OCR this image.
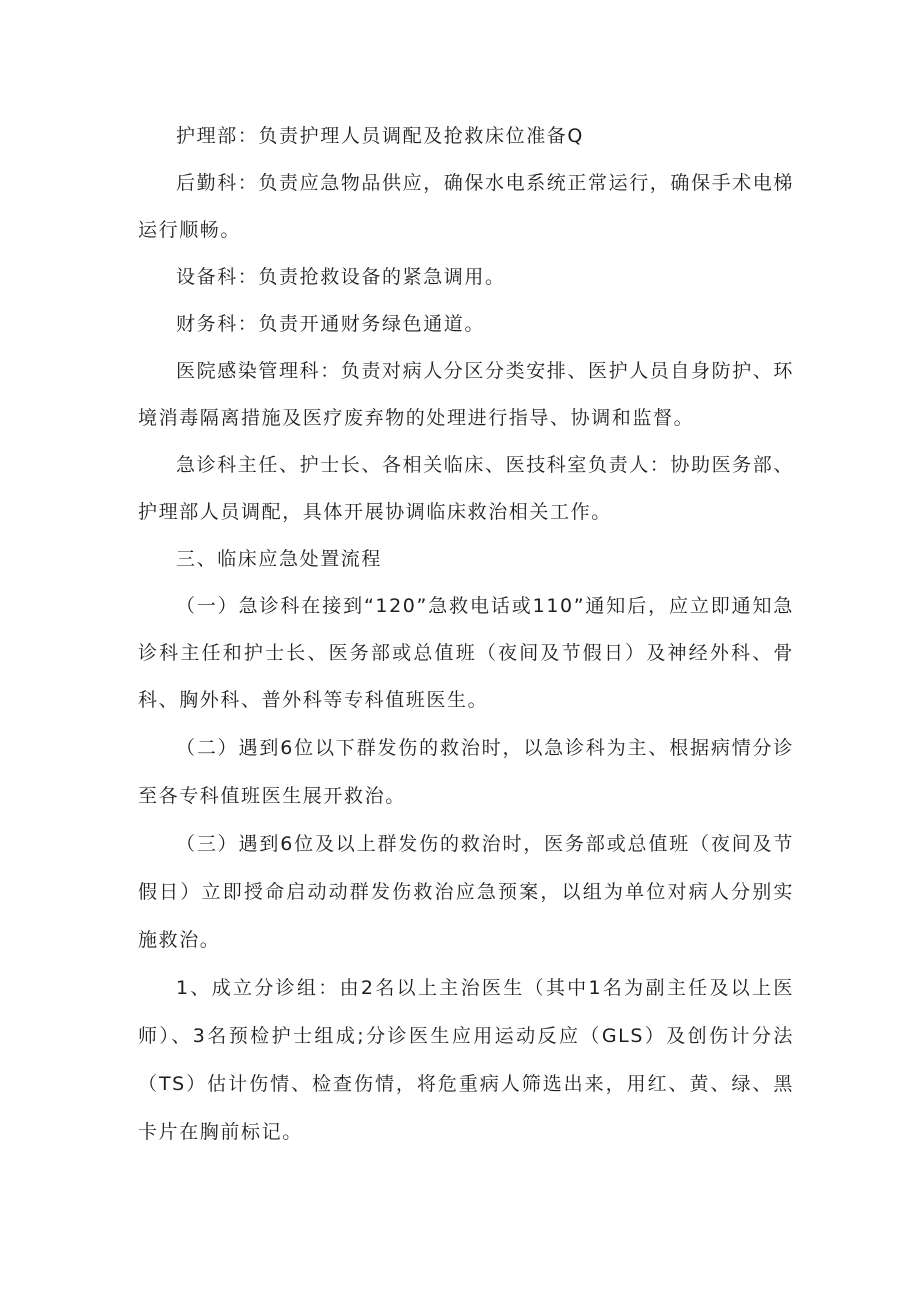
护理部：负责护理人员调配及抢救床位准备Q

后勤科：负责应急物品供应，确保水电系统正常运行，确保手术电梯运行顺畅。

设备科：负责抢救设备的紧急调用。

财务科：负责开通财务绿色通道。

医院感染管理科：负责对病人分区分类安排、医护人员自身防护、环境消毒隔离措施及医疗废弃物的处理进行指导、协调和监督。

急诊科主任、护士长、各相关临床、医技科室负责人：协助医务部、护理部人员调配，具体开展协调临床救治相关工作。

三、临床应急处置流程

（一）急诊科在接到“120”急救电话或110”通知后，应立即通知急诊科主任和护士长、医务部或总值班（夜间及节假日）及神经外科、骨科、胸外科、普外科等专科值班医生。

（二）遇到6位以下群发伤的救治时，以急诊科为主、根据病情分诊至各专科值班医生展开救治。

（三）遇到6位及以上群发伤的救治时，医务部或总值班（夜间及节假日）立即授命启动动群发伤救治应急预案，以组为单位对病人分别实施救治。

1、成立分诊组：由2名以上主治医生（其中1名为副主任及以上医师）、3名预检护士组成;分诊医生应用运动反应（GLS）及创伤计分法（TS）估计伤情、检查伤情，将危重病人筛选出来，用红、黄、绿、黑卡片在胸前标记。
